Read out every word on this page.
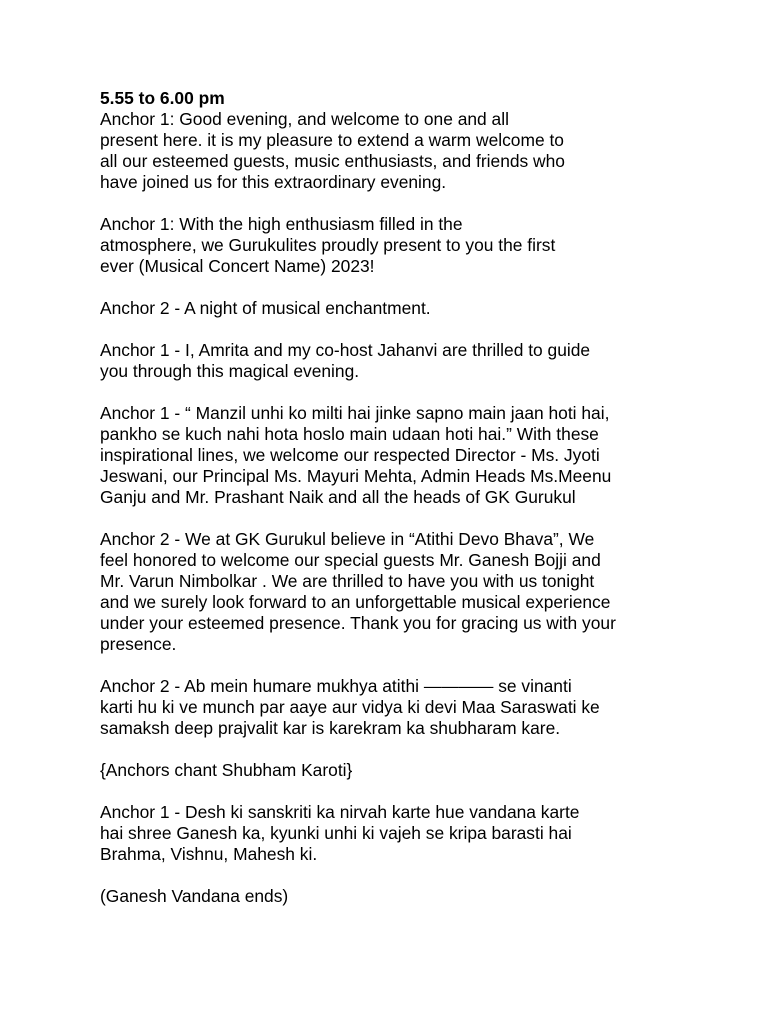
5.55 to 6.00 pm

Anchor 1: Good evening, and welcome to one and all
present here. it is my pleasure to extend a warm welcome to
all our esteemed guests, music enthusiasts, and friends who
have joined us for this extraordinary evening.

Anchor 1: With the high enthusiasm filled in the
atmosphere, we Gurukulites proudly present to you the first
ever (Musical Concert Name) 2023!

Anchor 2 - A night of musical enchantment.

Anchor 1 - I, Amrita and my co-host Jahanvi are thrilled to guide
you through this magical evening.

Anchor 1 - “ Manzil unhi ko milti hai jinke sapno main jaan hoti hai,
pankho se kuch nahi hota hoslo main udaan hoti hai.” With these
inspirational lines, we welcome our respected Director - Ms. Jyoti
Jeswani, our Principal Ms. Mayuri Mehta, Admin Heads Ms.Meenu
Ganju and Mr. Prashant Naik and all the heads of GK Gurukul

Anchor 2 - We at GK Gurukul believe in “Atithi Devo Bhava”, We
feel honored to welcome our special guests Mr. Ganesh Bojji and
Mr. Varun Nimbolkar . We are thrilled to have you with us tonight
and we surely look forward to an unforgettable musical experience
under your esteemed presence. Thank you for gracing us with your
presence.

Anchor 2 - Ab mein humare mukhya atithi ———— se vinanti
karti hu ki ve munch par aaye aur vidya ki devi Maa Saraswati ke
samaksh deep prajvalit kar is karekram ka shubharam kare.

{Anchors chant Shubham Karoti}

Anchor 1 - Desh ki sanskriti ka nirvah karte hue vandana karte
hai shree Ganesh ka, kyunki unhi ki vajeh se kripa barasti hai
Brahma, Vishnu, Mahesh ki.

(Ganesh Vandana ends)
